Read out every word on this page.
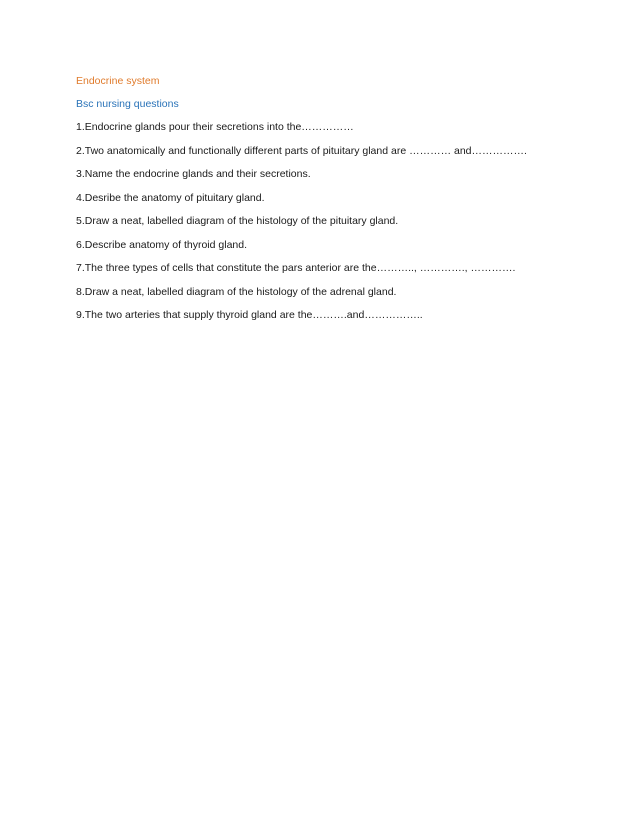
Endocrine system
Bsc nursing questions
1.Endocrine glands pour their secretions into the……………
2.Two anatomically and functionally different parts of pituitary gland are ………… and…………….
3.Name the endocrine glands and their secretions.
4.Desribe the anatomy of pituitary gland.
5.Draw a neat, labelled diagram of the histology of the pituitary gland.
6.Describe anatomy of thyroid gland.
7.The three types of cells that constitute the pars anterior are the……….., …………., ………….
8.Draw a neat, labelled diagram of the histology of the adrenal gland.
9.The two arteries that supply thyroid gland are the……….and……………..
